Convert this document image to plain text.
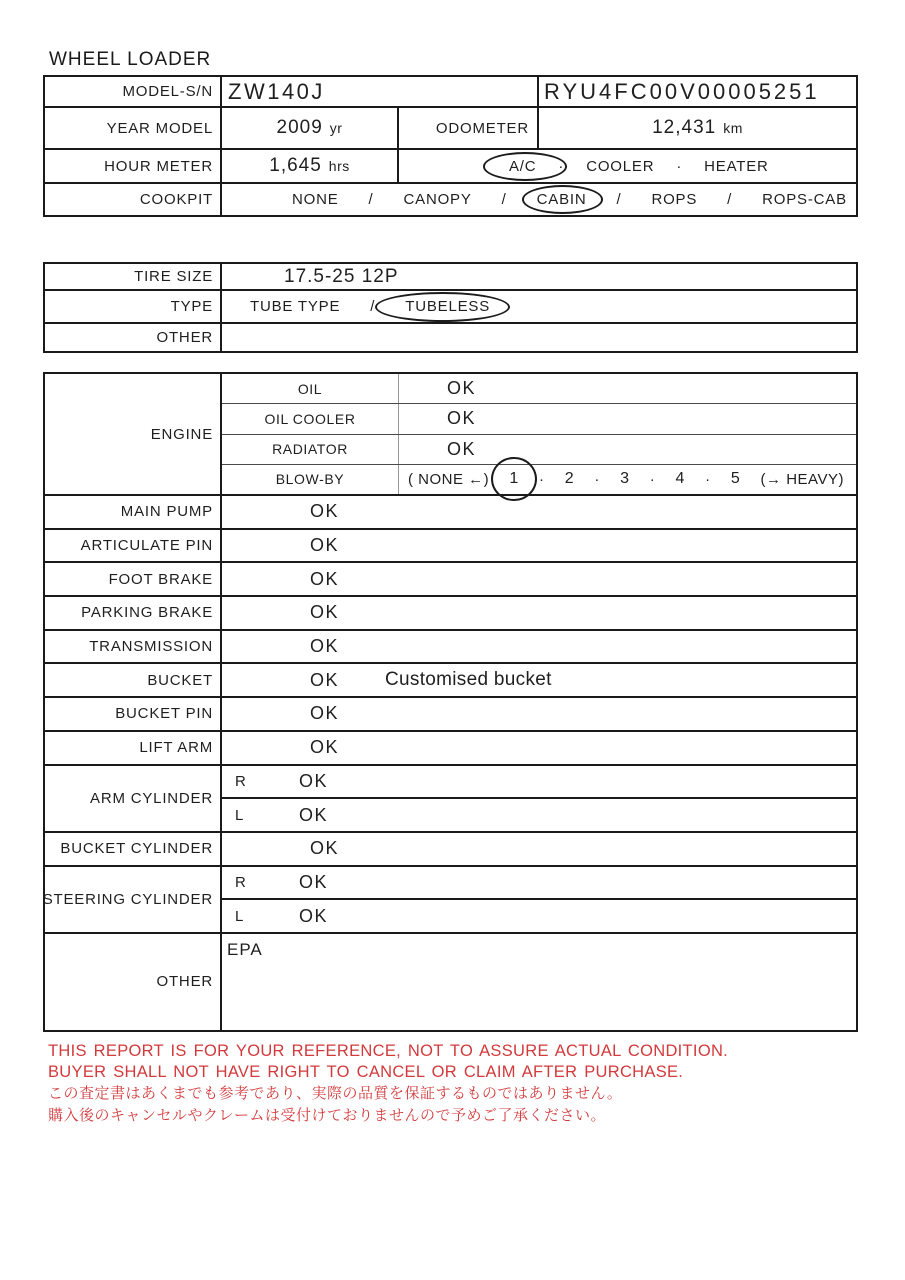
WHEEL LOADER
MODEL-S/N ZW140J	RYU4FC00V00005251
YEAR MODEL	2009 yr	ODOMETER	12,431 km
HOUR METER	1,645 hrs	A/C · COOLER · HEATER
COOKPIT	NONE / CANOPY / CABIN / ROPS / ROPS-CAB
TIRE SIZE	17.5-25 12P
TYPE	TUBE TYPE / TUBELESS
OTHER
ENGINE
OIL	OK
OIL COOLER	OK
RADIATOR	OK
BLOW-BY	( NONE ←) 1 · 2 · 3 · 4 · 5 (→ HEAVY)
MAIN PUMP	OK
ARTICULATE PIN	OK
FOOT BRAKE	OK
PARKING BRAKE	OK
TRANSMISSION	OK
BUCKET	OK Customised bucket
BUCKET PIN	OK
LIFT ARM	OK
ARM CYLINDER
R	OK
L	OK
BUCKET CYLINDER	OK
STEERING CYLINDER
R	OK
L	OK
OTHER
EPA
THIS REPORT IS FOR YOUR REFERENCE, NOT TO ASSURE ACTUAL CONDITION.
BUYER SHALL NOT HAVE RIGHT TO CANCEL OR CLAIM AFTER PURCHASE.
この査定書はあくまでも参考であり、実際の品質を保証するものではありません。
購入後のキャンセルやクレームは受付けておりませんので予めご了承ください。
